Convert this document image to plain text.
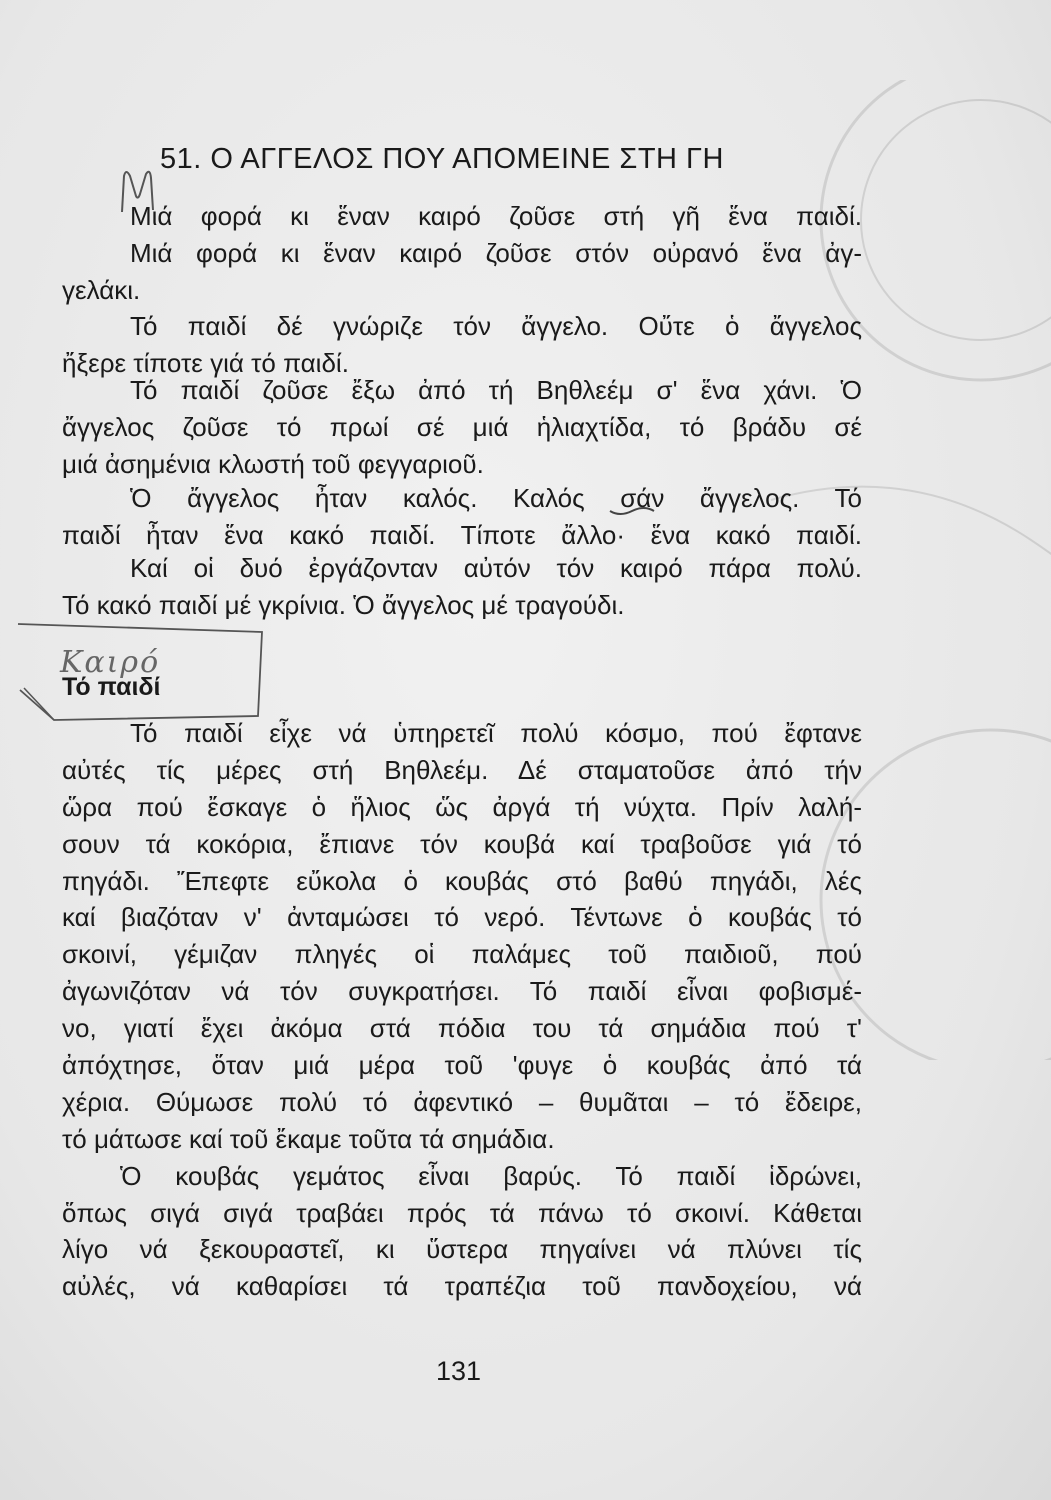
51. Ο ΑΓΓΕΛΟΣ ΠΟΥ ΑΠΟΜΕΙΝΕ ΣΤΗ ΓΗ
Μιά φορά κι ἕναν καιρό ζοῦσε στή γῆ ἕνα παιδί.
Μιά φορά κι ἕναν καιρό ζοῦσε στόν οὐρανό ἕνα ἀγ-
γελάκι.
Τό παιδί δέ γνώριζε τόν ἄγγελο. Οὔτε ὁ ἄγγελος
ἤξερε τίποτε γιά τό παιδί.
Τό παιδί ζοῦσε ἔξω ἀπό τή Βηθλεέμ σ' ἕνα χάνι. Ὁ
ἄγγελος ζοῦσε τό πρωί σέ μιά ἡλιαχτίδα, τό βράδυ σέ
μιά ἀσημένια κλωστή τοῦ φεγγαριοῦ.
Ὁ ἄγγελος ἦταν καλός. Καλός σάν ἄγγελος. Τό
παιδί ἦταν ἕνα κακό παιδί. Τίποτε ἄλλο· ἕνα κακό παιδί.
Καί οἱ δυό ἐργάζονταν αὐτόν τόν καιρό πάρα πολύ.
Τό κακό παιδί μέ γκρίνια. Ὁ ἄγγελος μέ τραγούδι.
Καιρό
Τό παιδί
Τό παιδί εἶχε νά ὑπηρετεῖ πολύ κόσμο, πού ἔφτανε
αὐτές τίς μέρες στή Βηθλεέμ. Δέ σταματοῦσε ἀπό τήν
ὥρα πού ἔσκαγε ὁ ἥλιος ὥς ἀργά τή νύχτα. Πρίν λαλή-
σουν τά κοκόρια, ἔπιανε τόν κουβά καί τραβοῦσε γιά τό
πηγάδι. Ἔπεφτε εὔκολα ὁ κουβάς στό βαθύ πηγάδι, λές
καί βιαζόταν ν' ἀνταμώσει τό νερό. Τέντωνε ὁ κουβάς τό
σκοινί, γέμιζαν πληγές οἱ παλάμες τοῦ παιδιοῦ, πού
ἀγωνιζόταν νά τόν συγκρατήσει. Τό παιδί εἶναι φοβισμέ-
νο, γιατί ἔχει ἀκόμα στά πόδια του τά σημάδια πού τ'
ἀπόχτησε, ὅταν μιά μέρα τοῦ 'φυγε ὁ κουβάς ἀπό τά
χέρια. Θύμωσε πολύ τό ἀφεντικό – θυμᾶται – τό ἔδειρε,
τό μάτωσε καί τοῦ ἔκαμε τοῦτα τά σημάδια.
Ὁ κουβάς γεμάτος εἶναι βαρύς. Τό παιδί ἱδρώνει,
ὅπως σιγά σιγά τραβάει πρός τά πάνω τό σκοινί. Κάθεται
λίγο νά ξεκουραστεῖ, κι ὕστερα πηγαίνει νά πλύνει τίς
αὐλές, νά καθαρίσει τά τραπέζια τοῦ πανδοχείου, νά
131
